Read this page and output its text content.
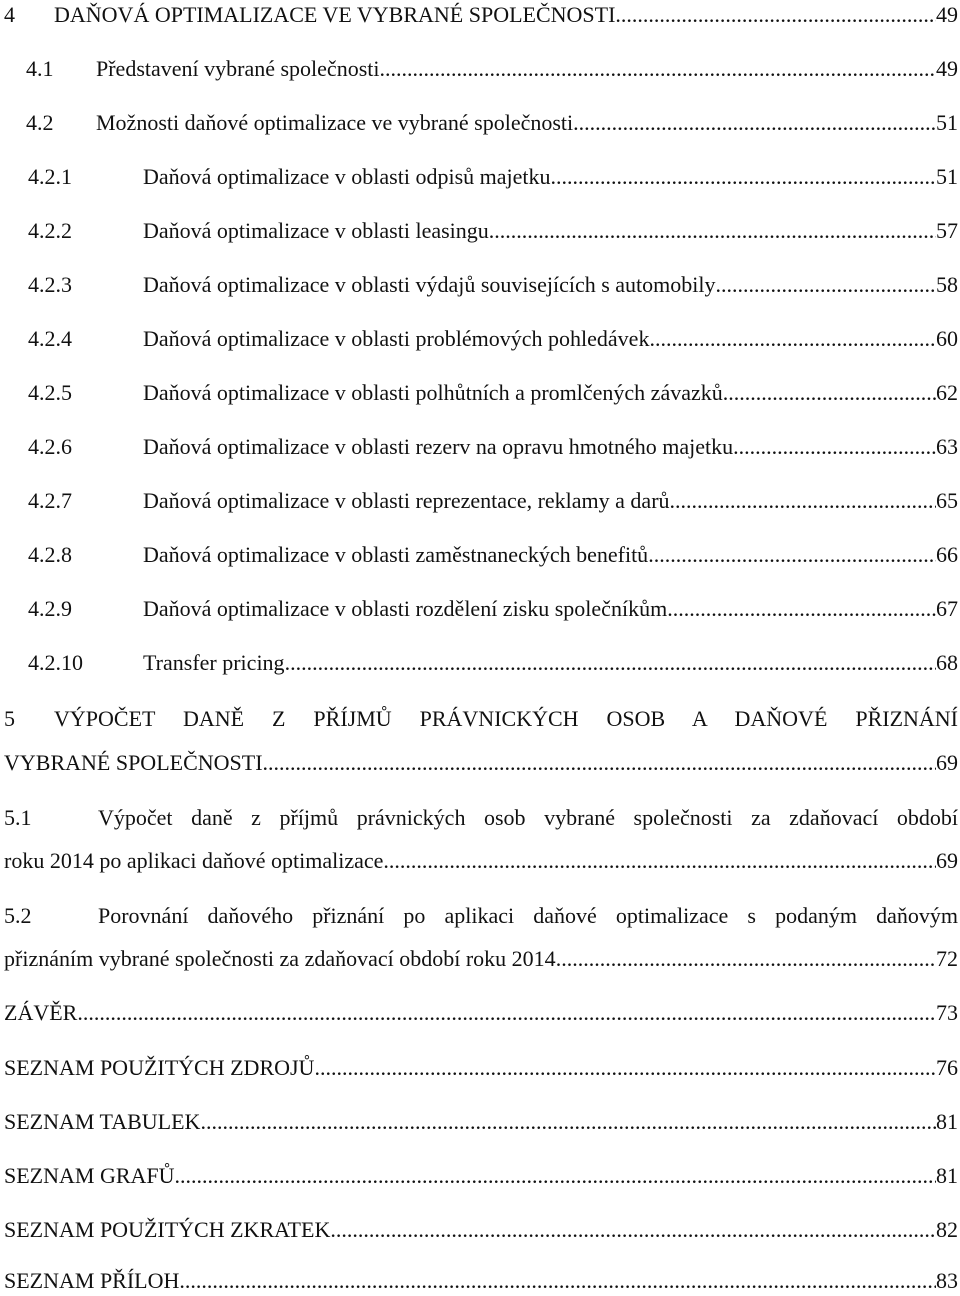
4 DAŇOVÁ OPTIMALIZACE VE VYBRANÉ SPOLEČNOSTI .....	49
4.1 Představení vybrané společnosti .....	49
4.2 Možnosti daňové optimalizace ve vybrané společnosti .....	51
4.2.1	Daňová optimalizace v oblasti odpisů majetku .....	51
4.2.2	Daňová optimalizace v oblasti leasingu .....	57
4.2.3	Daňová optimalizace v oblasti výdajů souvisejících s automobily .....	58
4.2.4	Daňová optimalizace v oblasti problémových pohledávek .....	60
4.2.5	Daňová optimalizace v oblasti polhůtních a promlčených závazků .....	62
4.2.6	Daňová optimalizace v oblasti rezerv na opravu hmotného majetku .....	63
4.2.7	Daňová optimalizace v oblasti reprezentace, reklamy a darů .....	65
4.2.8	Daňová optimalizace v oblasti zaměstnaneckých benefitů .....	66
4.2.9	Daňová optimalizace v oblasti rozdělení zisku společníkům .....	67
4.2.10	Transfer pricing .....	68
5 VÝPOČET DANĚ Z PŘÍJMŮ PRÁVNICKÝCH OSOB A DAŇOVÉ PŘIZNÁNÍ
VYBRANÉ SPOLEČNOSTI .....	69
5.1	Výpočet daně z příjmů právnických osob vybrané společnosti za zdaňovací období
roku 2014 po aplikaci daňové optimalizace .....	69
5.2	Porovnání daňového přiznání po aplikaci daňové optimalizace s podaným daňovým
přiznáním vybrané společnosti za zdaňovací období roku 2014 .....	72
ZÁVĚR .....	73
SEZNAM POUŽITÝCH ZDROJŮ .....	76
SEZNAM TABULEK .....	81
SEZNAM GRAFŮ .....	81
SEZNAM POUŽITÝCH ZKRATEK .....	82
SEZNAM PŘÍLOH .....	83
